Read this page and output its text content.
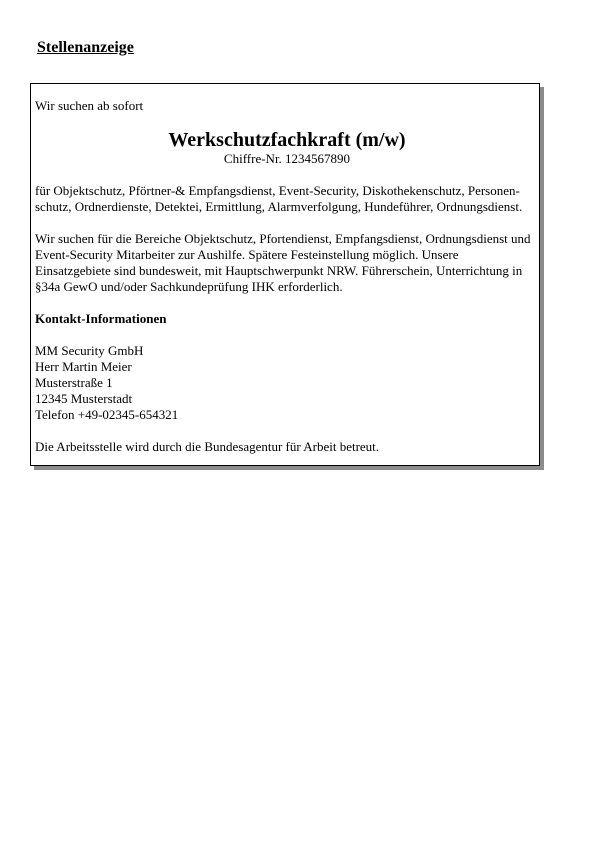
Stellenanzeige

Wir suchen ab sofort

Werkschutzfachkraft (m/w)

Chiffre-Nr. 1234567890

für Objektschutz, Pförtner-& Empfangsdienst, Event-Security, Diskothekenschutz, Personen-

schutz, Ordnerdienste, Detektei, Ermittlung, Alarmverfolgung, Hundeführer, Ordnungsdienst.

Wir suchen für die Bereiche Objektschutz, Pfortendienst, Empfangsdienst, Ordnungsdienst und

Event-Security Mitarbeiter zur Aushilfe. Spätere Festeinstellung möglich. Unsere

Einsatzgebiete sind bundesweit, mit Hauptschwerpunkt NRW. Führerschein, Unterrichtung in

§34a GewO und/oder Sachkundeprüfung IHK erforderlich.

Kontakt-Informationen

MM Security GmbH

Herr Martin Meier

Musterstraße 1

12345 Musterstadt

Telefon +49-02345-654321

Die Arbeitsstelle wird durch die Bundesagentur für Arbeit betreut.
